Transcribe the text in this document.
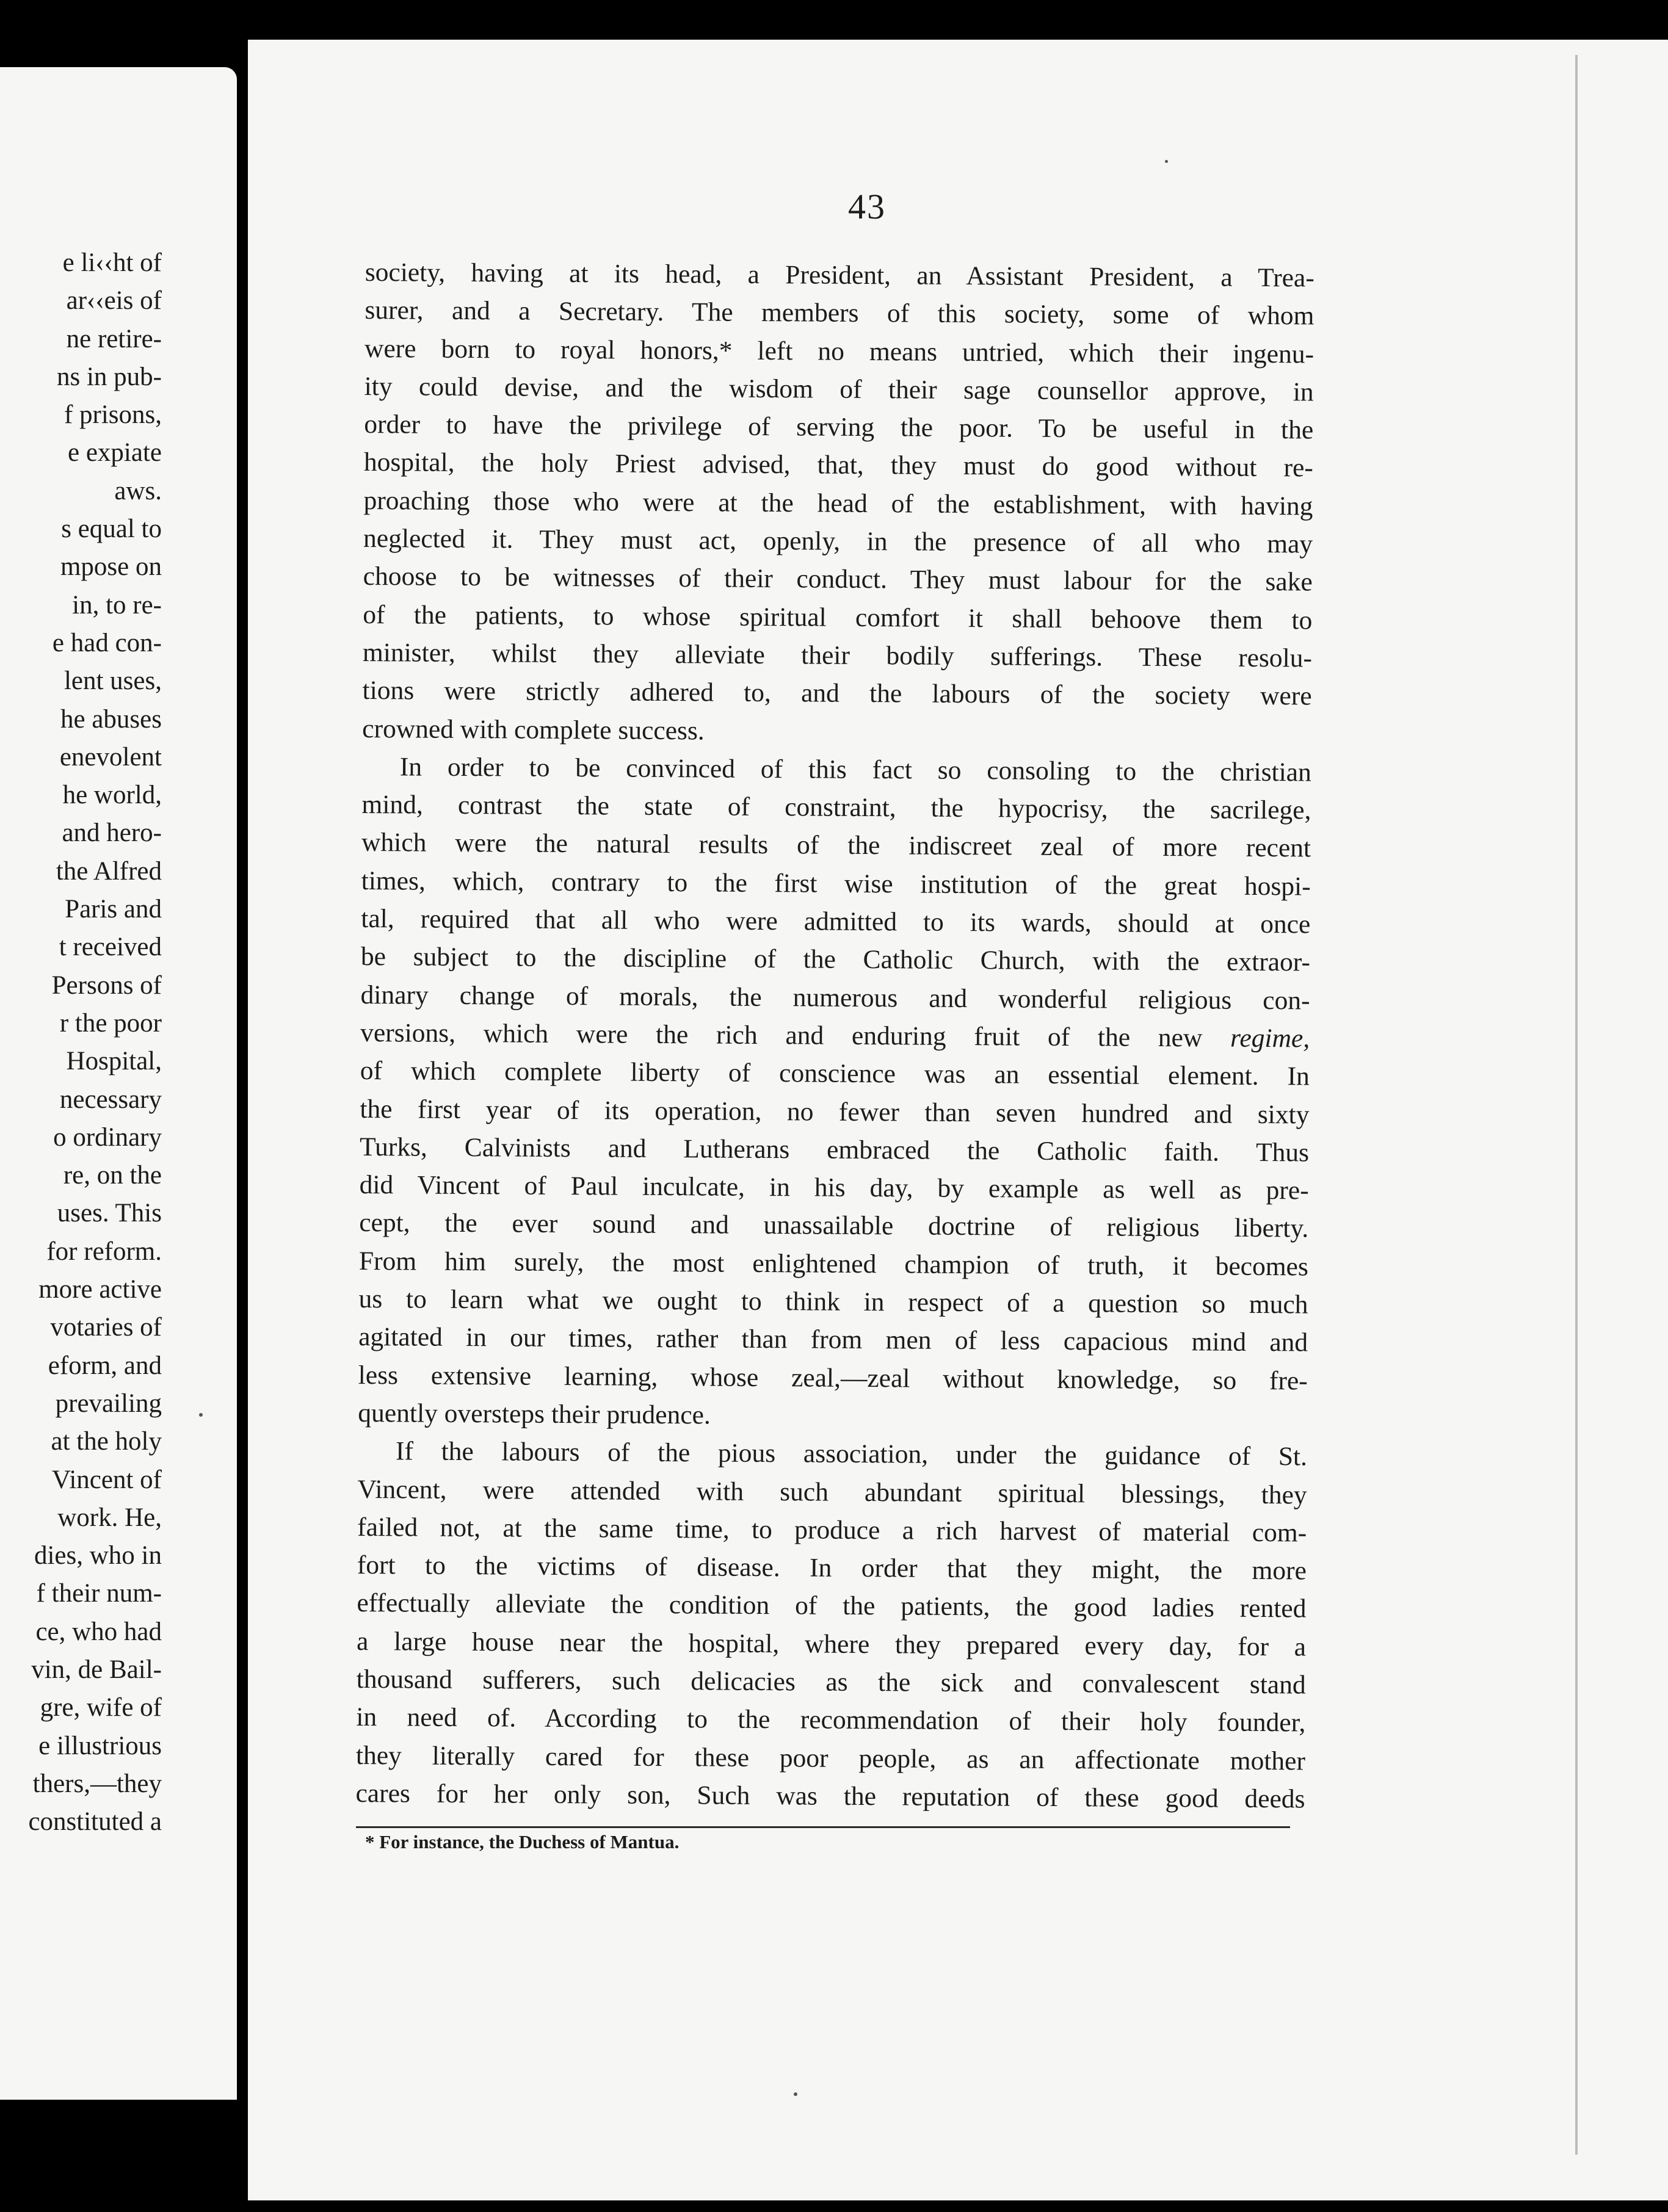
e li‹‹ht of
ar‹‹eis of
ne retire-
ns in pub-
f prisons,
e expiate
aws.
s equal to
mpose on
in, to re-
e had con-
lent uses,
he abuses
enevolent
he world,
and hero-
the Alfred
Paris and
t received
Persons of
r the poor
Hospital,
necessary
o ordinary
re, on the
uses. This
for reform.
more active
votaries of
eform, and
prevailing
at the holy
Vincent of
work. He,
dies, who in
f their num-
ce, who had
vin, de Bail-
gre, wife of
e illustrious
thers,—they
constituted a
43
society, having at its head, a President, an Assistant President, a Trea-
surer, and a Secretary. The members of this society, some of whom
were born to royal honors,* left no means untried, which their ingenu-
ity could devise, and the wisdom of their sage counsellor approve, in
order to have the privilege of serving the poor. To be useful in the
hospital, the holy Priest advised, that, they must do good without re-
proaching those who were at the head of the establishment, with having
neglected it. They must act, openly, in the presence of all who may
choose to be witnesses of their conduct. They must labour for the sake
of the patients, to whose spiritual comfort it shall behoove them to
minister, whilst they alleviate their bodily sufferings. These resolu-
tions were strictly adhered to, and the labours of the society were
crowned with complete success.
In order to be convinced of this fact so consoling to the christian
mind, contrast the state of constraint, the hypocrisy, the sacrilege,
which were the natural results of the indiscreet zeal of more recent
times, which, contrary to the first wise institution of the great hospi-
tal, required that all who were admitted to its wards, should at once
be subject to the discipline of the Catholic Church, with the extraor-
dinary change of morals, the numerous and wonderful religious con-
versions, which were the rich and enduring fruit of the new regime,
of which complete liberty of conscience was an essential element. In
the first year of its operation, no fewer than seven hundred and sixty
Turks, Calvinists and Lutherans embraced the Catholic faith. Thus
did Vincent of Paul inculcate, in his day, by example as well as pre-
cept, the ever sound and unassailable doctrine of religious liberty.
From him surely, the most enlightened champion of truth, it becomes
us to learn what we ought to think in respect of a question so much
agitated in our times, rather than from men of less capacious mind and
less extensive learning, whose zeal,—zeal without knowledge, so fre-
quently oversteps their prudence.
If the labours of the pious association, under the guidance of St.
Vincent, were attended with such abundant spiritual blessings, they
failed not, at the same time, to produce a rich harvest of material com-
fort to the victims of disease. In order that they might, the more
effectually alleviate the condition of the patients, the good ladies rented
a large house near the hospital, where they prepared every day, for a
thousand sufferers, such delicacies as the sick and convalescent stand
in need of. According to the recommendation of their holy founder,
they literally cared for these poor people, as an affectionate mother
cares for her only son, Such was the reputation of these good deeds
* For instance, the Duchess of Mantua.
